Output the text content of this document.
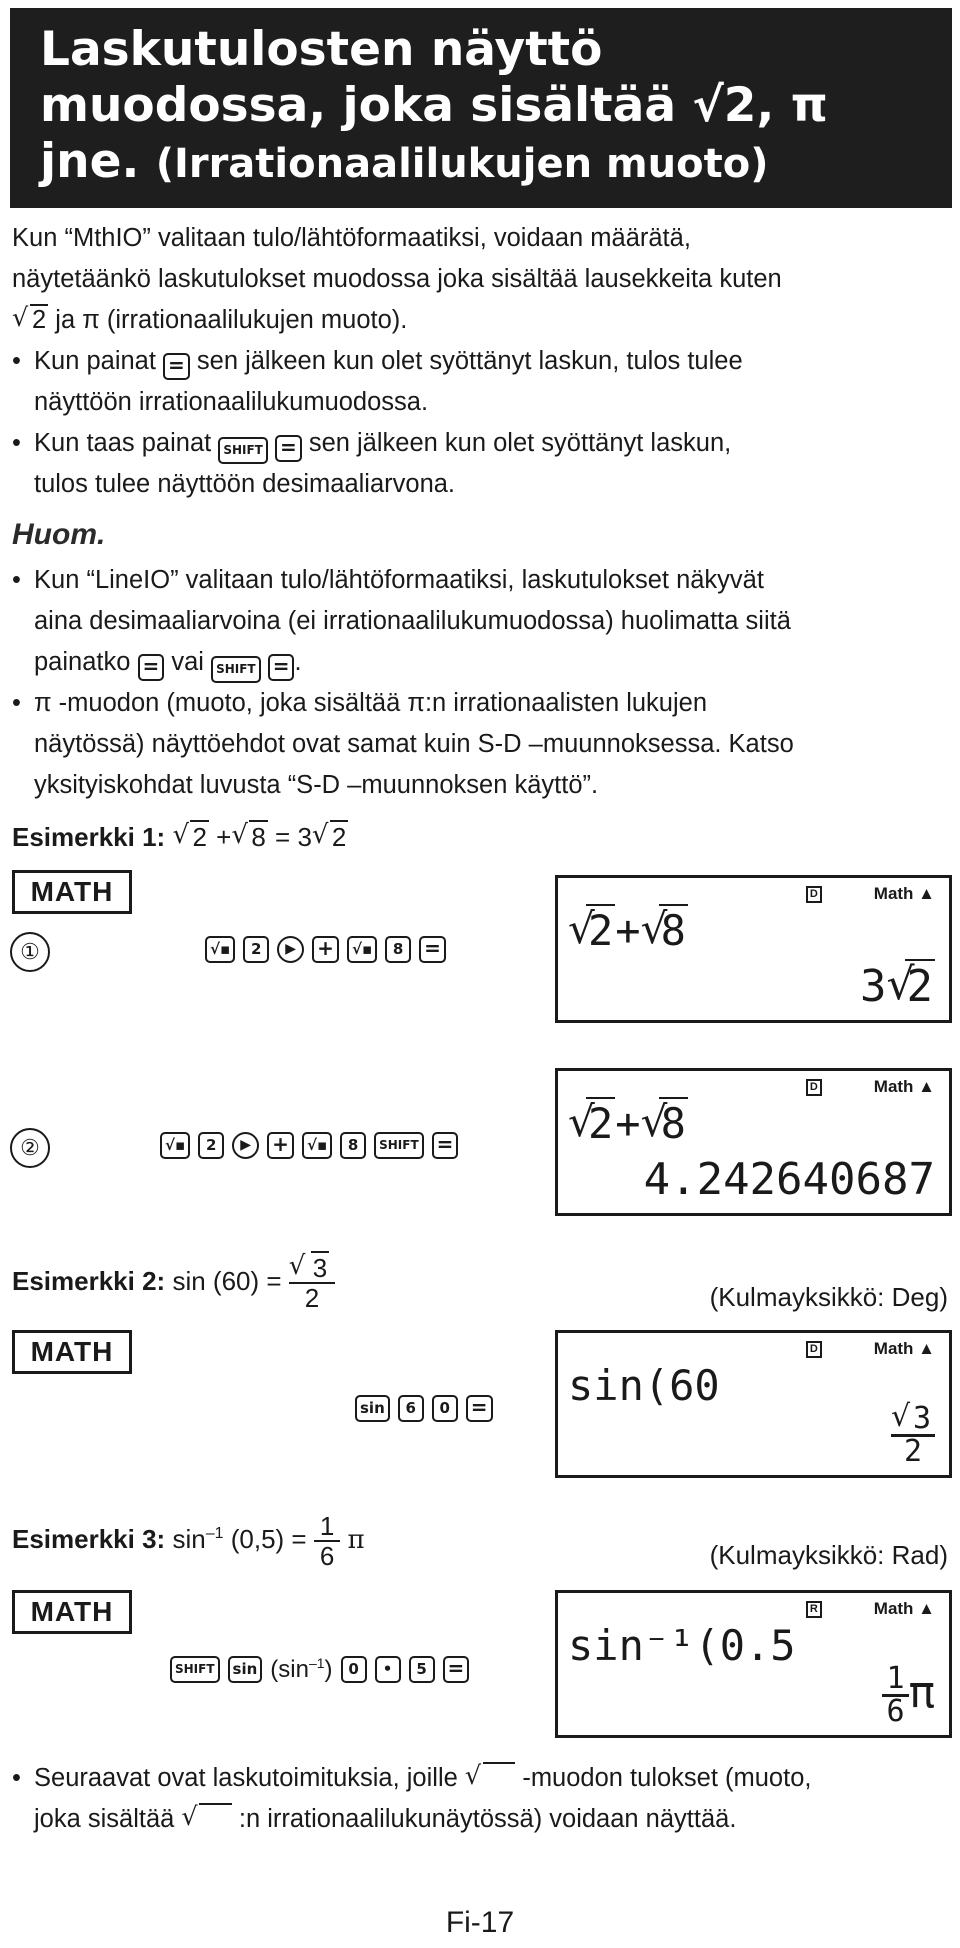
Laskutulosten näyttö
muodossa, joka sisältää √2, π
jne. (Irrationaalilukujen muoto)
Kun “MthIO” valitaan tulo/lähtöformaatiksi, voidaan määrätä,
näytetäänkö laskutulokset muodossa joka sisältää lausekkeita kuten
√ 2 ja π (irrationaalilukujen muoto).
• Kun painat = sen jälkeen kun olet syöttänyt laskun, tulos tulee
näyttöön irrationaalilukumuodossa.
• Kun taas painat SHIFT = sen jälkeen kun olet syöttänyt laskun,
tulos tulee näyttöön desimaaliarvona.
Huom.
• Kun “LineIO” valitaan tulo/lähtöformaatiksi, laskutulokset näkyvät
aina desimaaliarvoina (ei irrationaalilukumuodossa) huolimatta siitä
painatko = vai SHIFT = .
• π -muodon (muoto, joka sisältää π:n irrationaalisten lukujen
näytössä) näyttöehdot ovat samat kuin S-D –muunnoksessa. Katso
yksityiskohdat luvusta “S-D –muunnoksen käyttö”.
Esimerkki 1: √ 2 + √ 8 = 3 √ 2
MATH
①	√▪	2	▶	+	√▪	8	=
D	Math ▲
√ 2+ √ 8
3 √ 2
②	√▪	2	▶	+	√▪	8	SHIFT =
D	Math ▲
√ 2+ √ 8
4.242640687
Esimerkki 2: sin (60) = √ $\frac{3}{2}$	(Kulmayksikkö: Deg)
MATH
sin	6	0	=
D	Math ▲
sin(60
√ $\frac{3}{2}$
Esimerkki 3: $\sin^{-1} (0,5) = \frac{1}{6}$ π
(Kulmayksikkö: Rad)
MATH
SHIFT	$\sin (\sin^{-1})$	0	•	5	=
R	Math ▲
sin⁻¹(0.5
$\frac{1}{6}$ π
• Seuraavat ovat laskutoimituksia, joille √	-muodon tulokset (muoto,
joka sisältää √	:n irrationaalilukunäytössä) voidaan näyttää.
Fi-17
